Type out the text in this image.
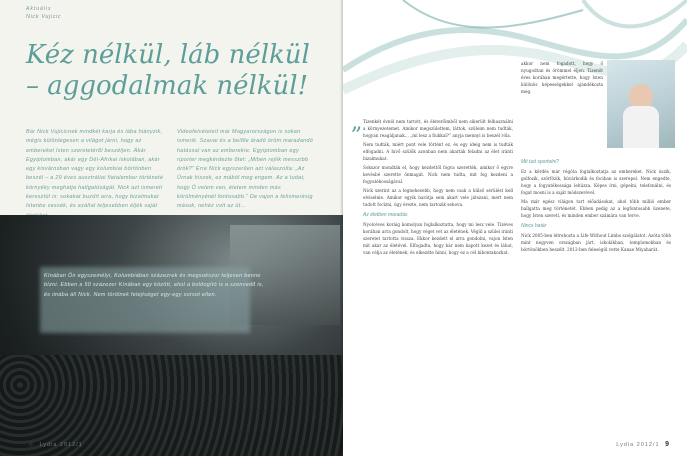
Aktuális
Nick Vujicic
Kéz nélkül, láb nélkül
– aggodalmak nélkül!
Bár Nick Vujicicnek mindkét karja és lába hiányzik, mégis különlegesen a világot járni, hogy az embereket Isten szeretetéről beszéljen. Ákár Egyiptomban, akár egy Dél-Afrikai iskolában, akár egy kisvárosban vagy egy kolumbiai börtönben beszél – a 29 éves ausztráliai fiatalember történeté környéky meghatja hallgatóságát. Nick azt ismereti keresztül is: sokakat buzdít arra, hogy bizalmukat Istenbe vessék, és ezáltal teljesebben éljék saját
Videofelvételeit már Magyarországon is sokan ismerik. Szavai és a belőle áradó öröm maradandó hatással van az emberekre. Egyiptomban egy riporter megkérdezte őtet: „Miben rejlik messzibb örök?” Erre Nick egyszerűen azt válaszolta: „Az Úrnak hiszek, ez mából meg engem. Az a tudat, hogy Ő velem van, életem minden más körülményénél fontosabb.” De vajon a felismerésig mások, nehéz volt az út...
Kínában Ön egyszemélyi, Kolumbiában százezrek és megsokszor teljesen benne bízni. Ebben a 50 százezer Kínában egy között, ahol a boldogító is a szenvedő is, és imába áll Nick. Nem törölnek felejtséget egy-egy sorsot ellen.
8 Lydia 2012/1
„ Tizenkét évnél nem tartott, és életerőimből nem sikerült felhasználni a környezetemet. Amikor megszülettem, láttok, szüleim nem tudták, hogyan reagáljanak... „mi lesz a fiukkal?” anyja mennyi is beszél róla.
Nem tudták, miért pont vele történt ez, és egy ideig nem is tudták elfogadni. A hívő szülők azonban nem akarták feladni az élet iránti bizalmukat.
Sokszor mondták el, hogy kezdettől fogva szerették, amikor ő egyre kevésbé szerette önmagát. Nick nem tudta, mit fog kezdeni a fogyatékosságával.
Nick szerint az a legnehezebb, hogy nem csak a külső sérülést kell elviselnie. Amikor egyik barátja sem akart vele játszani, mert nem tudott focizni, úgy érezte, nem tartozik sehova.
Az életben maradás
Nyolcéves koráig komolyan foglalkoztatta, hogy mi lesz vele. Tízéves korában arra gondolt, hogy véget vet az életének. Végül a szülei iránti szeretet tartotta vissza. Ekkor kezdett el arra gondolni, vajon Isten mit akar az életével. Elfogadta, hogy bár nem kapott kezet és lábat, van célja az életének, és elkezdte hinni, hogy ez a cél kibontakozhat.
akkor nem fogadott, hogy ő nyugodtan és örömmel éljen. Tizenöt éves korában megértette, hogy Isten különös képességekkel ajándékozta meg.
Mit tud sportolni?
Ez a kérdés már régóta foglalkoztatja az embereket. Nick úszik, golfozik, szörfözik, búvárkodik és fociban is szerepel. Nem engedte, hogy a fogyatékossága lehúzza. Képes írni, gépelni, telefonálni, és fogat mosni is a saját módszerével.
Ma már egész világon tart előadásokat, ahol több millió ember hallgatta meg történetét. Ebben pedig az a legfontosabb üzenete, hogy Isten szereti, és minden ember számára van terve.
Nincs határ
Nick 2005-ben létrehozta a Life Without Limbs szolgálatot. Azóta több mint negyven országban járt, iskolákban, templomokban és börtönökben beszélt. 2012-ben feleségül vette Kanae Miyaharát.
Lydia 2012/1 9
